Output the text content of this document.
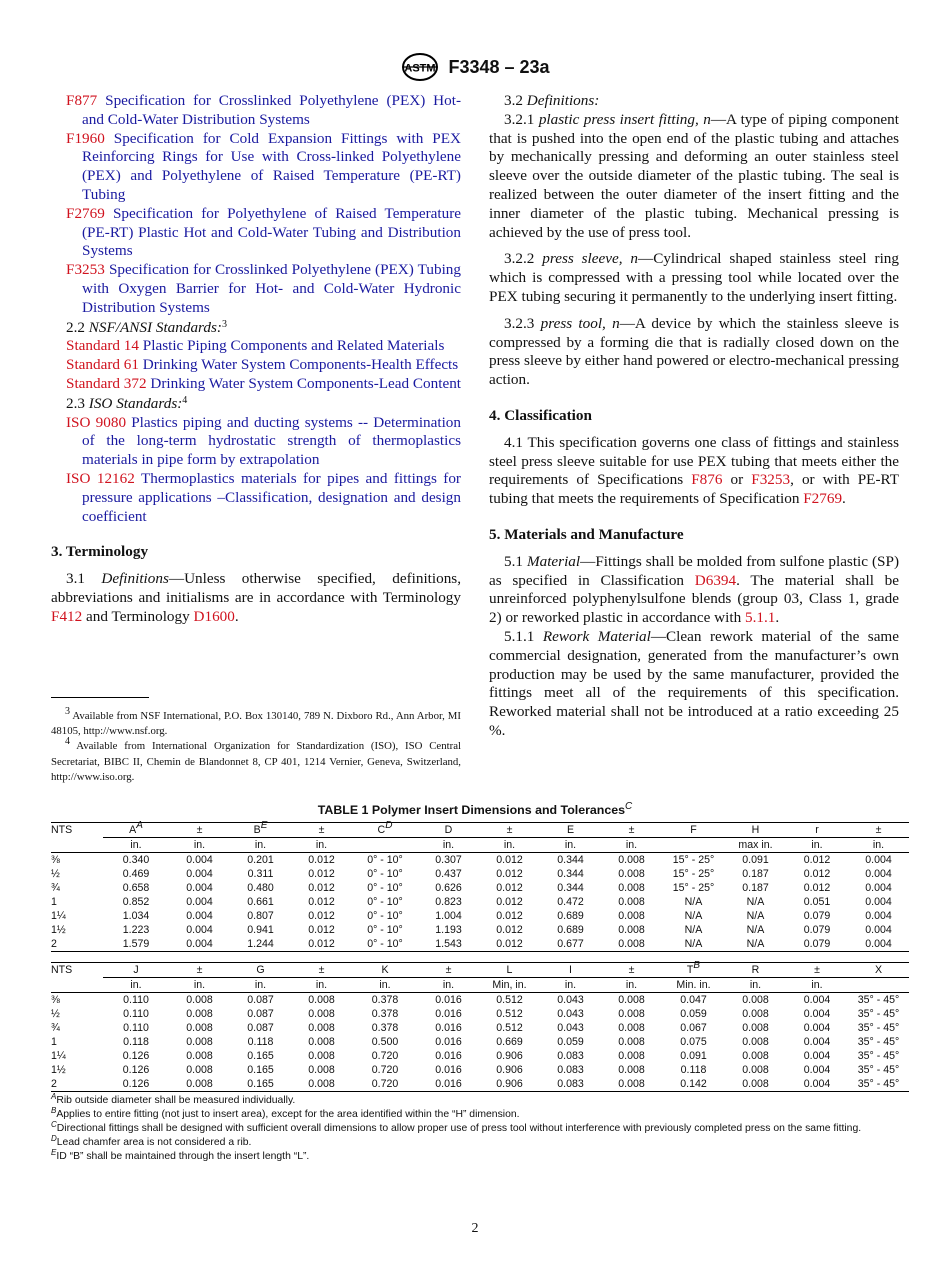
ASTM F3348 – 23a
F877 Specification for Crosslinked Polyethylene (PEX) Hot- and Cold-Water Distribution Systems
F1960 Specification for Cold Expansion Fittings with PEX Reinforcing Rings for Use with Cross-linked Polyethylene (PEX) and Polyethylene of Raised Temperature (PE-RT) Tubing
F2769 Specification for Polyethylene of Raised Temperature (PE-RT) Plastic Hot and Cold-Water Tubing and Distribution Systems
F3253 Specification for Crosslinked Polyethylene (PEX) Tubing with Oxygen Barrier for Hot- and Cold-Water Hydronic Distribution Systems
2.2 NSF/ANSI Standards:$^3$
Standard 14 Plastic Piping Components and Related Materials
Standard 61 Drinking Water System Components-Health Effects
Standard 372 Drinking Water System Components-Lead Content
2.3 ISO Standards:$^4$
ISO 9080 Plastics piping and ducting systems -- Determination of the long-term hydrostatic strength of thermoplastics materials in pipe form by extrapolation
ISO 12162 Thermoplastics materials for pipes and fittings for pressure applications –Classification, designation and design coefficient
3. Terminology
3.1 Definitions—Unless otherwise specified, definitions, abbreviations and initialisms are in accordance with Terminology F412 and Terminology D1600.

$^3$ Available from NSF International, P.O. Box 130140, 789 N. Dixboro Rd., Ann Arbor, MI 48105, http://www.nsf.org.

$^4$ Available from International Organization for Standardization (ISO), ISO Central Secretariat, BIBC II, Chemin de Blandonnet 8, CP 401, 1214 Vernier, Geneva, Switzerland, http://www.iso.org.

3.2 Definitions:
3.2.1 plastic press insert fitting, n—A type of piping component that is pushed into the open end of the plastic tubing and attaches by mechanically pressing and deforming an outer stainless steel sleeve over the outside diameter of the plastic tubing. The seal is realized between the outer diameter of the insert fitting and the inner diameter of the plastic tubing. Mechanical pressing is achieved by the use of press tool.
3.2.2 press sleeve, n—Cylindrical shaped stainless steel ring which is compressed with a pressing tool while located over the PEX tubing securing it permanently to the underlying insert fitting.
3.2.3 press tool, n—A device by which the stainless sleeve is compressed by a forming die that is radially closed down on the press sleeve by either hand powered or electro-mechanical pressing action.
4. Classification
4.1 This specification governs one class of fittings and stainless steel press sleeve suitable for use PEX tubing that meets either the requirements of Specifications F876 or F3253, or with PE-RT tubing that meets the requirements of Specification F2769.
5. Materials and Manufacture
5.1 Material—Fittings shall be molded from sulfone plastic (SP) as specified in Classification D6394. The material shall be unreinforced polyphenylsulfone blends (group 03, Class 1, grade 2) or reworked plastic in accordance with 5.1.1.
5.1.1 Rework Material—Clean rework material of the same commercial designation, generated from the manufacturer’s own production may be used by the same manufacturer, provided the fittings meet all of the requirements of this specification. Reworked material shall not be introduced at a ratio exceeding 25 %.
TABLE 1 Polymer Insert Dimensions and Tolerances$^C$
NTS	$A^A$	±	$B^E$	±	$C^D$	D	±	E	±	F	H	r	±
	in.	in.	in.	in.		in.	in.	in.	in.		max in.	in.	in.
⅜	0.340	0.004	0.201	0.012	0° - 10°	0.307	0.012	0.344	0.008	15° - 25°	0.091	0.012	0.004
½	0.469	0.004	0.311	0.012	0° - 10°	0.437	0.012	0.344	0.008	15° - 25°	0.187	0.012	0.004
¾	0.658	0.004	0.480	0.012	0° - 10°	0.626	0.012	0.344	0.008	15° - 25°	0.187	0.012	0.004
1	0.852	0.004	0.661	0.012	0° - 10°	0.823	0.012	0.472	0.008	N/A	N/A	0.051	0.004
1¼	1.034	0.004	0.807	0.012	0° - 10°	1.004	0.012	0.689	0.008	N/A	N/A	0.079	0.004
1½	1.223	0.004	0.941	0.012	0° - 10°	1.193	0.012	0.689	0.008	N/A	N/A	0.079	0.004
2	1.579	0.004	1.244	0.012	0° - 10°	1.543	0.012	0.677	0.008	N/A	N/A	0.079	0.004
NTS	J	±	G	±	K	±	L	I	±	$T^B$	R	±	X
	in.	in.	in.	in.	in.	in.	Min, in.	in.	in.	Min. in.	in.	in.	
⅜	0.110	0.008	0.087	0.008	0.378	0.016	0.512	0.043	0.008	0.047	0.008	0.004	35° - 45°
½	0.110	0.008	0.087	0.008	0.378	0.016	0.512	0.043	0.008	0.059	0.008	0.004	35° - 45°
¾	0.110	0.008	0.087	0.008	0.378	0.016	0.512	0.043	0.008	0.067	0.008	0.004	35° - 45°
1	0.118	0.008	0.118	0.008	0.500	0.016	0.669	0.059	0.008	0.075	0.008	0.004	35° - 45°
1¼	0.126	0.008	0.165	0.008	0.720	0.016	0.906	0.083	0.008	0.091	0.008	0.004	35° - 45°
1½	0.126	0.008	0.165	0.008	0.720	0.016	0.906	0.083	0.008	0.118	0.008	0.004	35° - 45°
2	0.126	0.008	0.165	0.008	0.720	0.016	0.906	0.083	0.008	0.142	0.008	0.004	35° - 45°
$^A$Rib outside diameter shall be measured individually.
$^B$Applies to entire fitting (not just to insert area), except for the area identified within the “H” dimension.
$^C$Directional fittings shall be designed with sufficient overall dimensions to allow proper use of press tool without interference with previously completed press on the same fitting.
$^D$Lead chamfer area is not considered a rib.
$^E$ID “B” shall be maintained through the insert length “L”.
2
